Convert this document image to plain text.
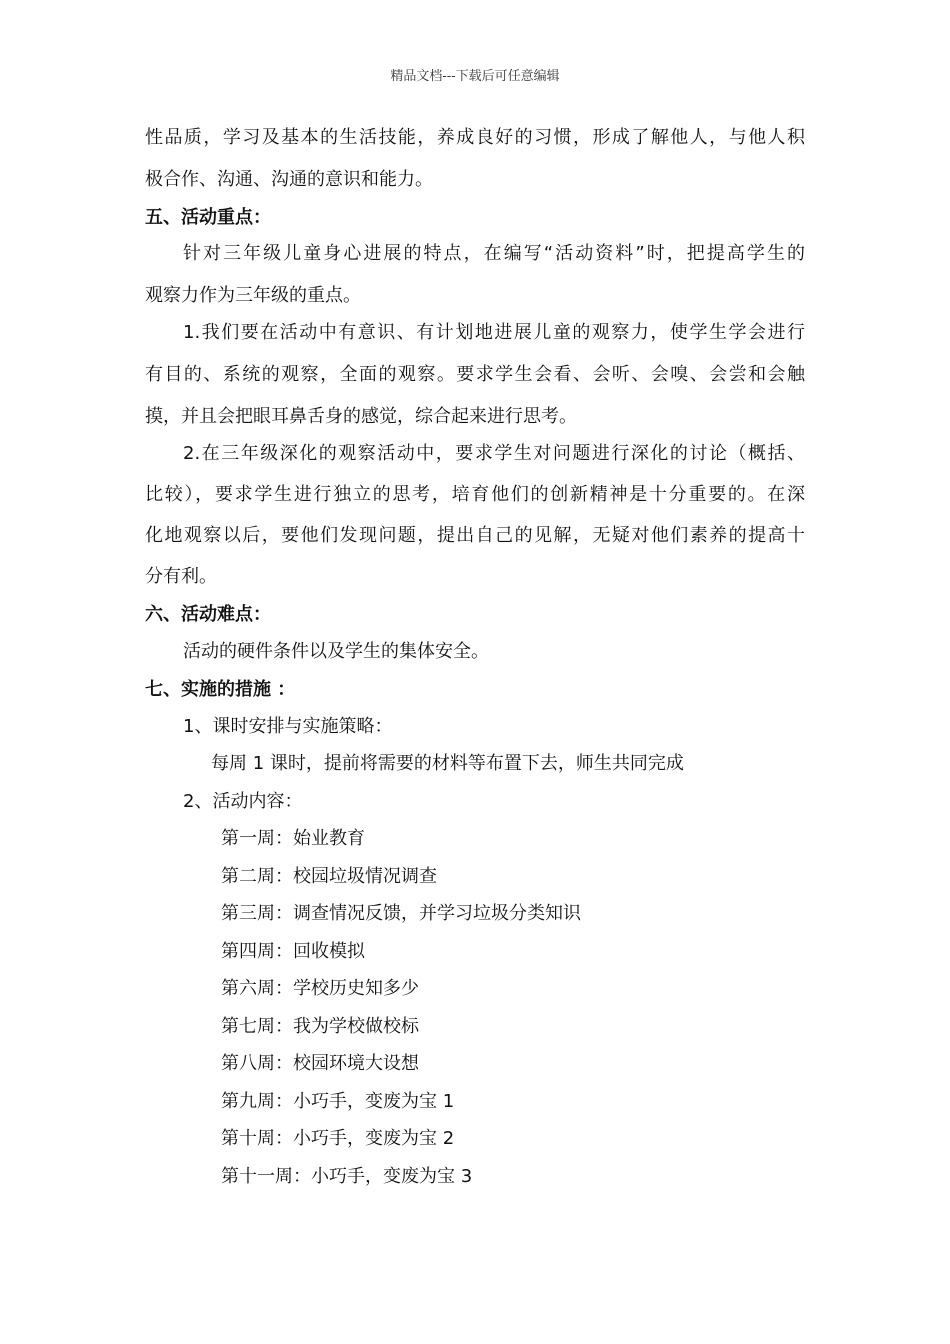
精品文档---下载后可任意编辑
性品质，学习及基本的生活技能，养成良好的习惯，形成了解他人，与他人积
极合作、沟通、沟通的意识和能力。
五、活动重点：
针对三年级儿童身心进展的特点，在编写“活动资料”时，把提高学生的
观察力作为三年级的重点。
1.我们要在活动中有意识、有计划地进展儿童的观察力，使学生学会进行
有目的、系统的观察，全面的观察。要求学生会看、会听、会嗅、会尝和会触
摸，并且会把眼耳鼻舌身的感觉，综合起来进行思考。
2.在三年级深化的观察活动中，要求学生对问题进行深化的讨论（概括、
比较），要求学生进行独立的思考，培育他们的创新精神是十分重要的。在深
化地观察以后，要他们发现问题，提出自己的见解，无疑对他们素养的提高十
分有利。
六、活动难点：
活动的硬件条件以及学生的集体安全。
七、实施的措施 ：
1、课时安排与实施策略：
每周 1 课时，提前将需要的材料等布置下去，师生共同完成
2、活动内容：
第一周：始业教育
第二周：校园垃圾情况调查
第三周：调查情况反馈，并学习垃圾分类知识
第四周：回收模拟
第六周：学校历史知多少
第七周：我为学校做校标
第八周：校园环境大设想
第九周：小巧手，变废为宝 1
第十周：小巧手，变废为宝 2
第十一周：小巧手，变废为宝 3
